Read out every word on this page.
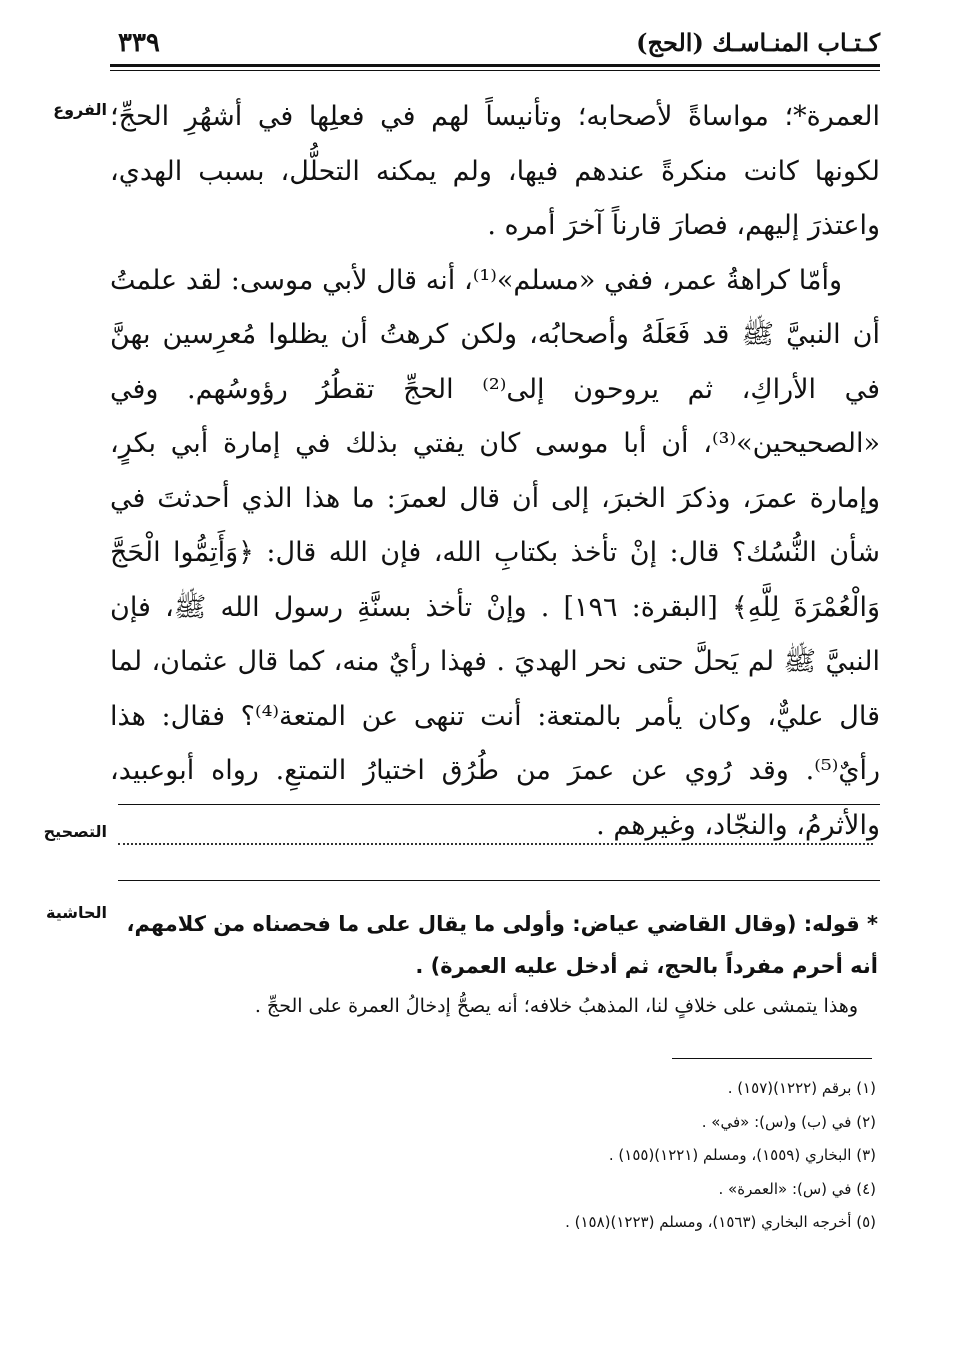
٣٣٩	كـتـاب المنـاسـك (الحج)
الفروع
التصحيح
الحاشية

العمرة*؛ مواساةً لأصحابه؛ وتأنيساً لهم في فعلِها في أشهُرِ الحجِّ؛ لكونها كانت منكرةً عندهم فيها، ولم يمكنه التحلُّل، بسبب الهدي، واعتذرَ إليهم، فصارَ قارناً آخرَ أمره .

وأمّا كراهةُ عمر، ففي «مسلم»⁽¹⁾، أنه قال لأبي موسى: لقد علمتُ أن النبيَّ ﷺ قد فَعَلَهُ وأصحابُه، ولكن كرهتُ أن يظلوا مُعرِسين بهنَّ في الأراكِ، ثم يروحون إلى⁽²⁾ الحجِّ تقطُرُ رؤوسُهم. وفي «الصحيحين»⁽³⁾، أن أبا موسى كان يفتي بذلك في إمارة أبي بكرٍ، وإمارة عمرَ، وذكرَ الخبرَ، إلى أن قال لعمرَ: ما هذا الذي أحدثتَ في شأن النُّسُك؟ قال: إنْ تأخذ بكتابِ الله، فإن الله قال: ﴿وَأَتِمُّوا الْحَجَّ وَالْعُمْرَةَ لِلَّهِ﴾ [البقرة: ١٩٦] . وإنْ تأخذ بسنَّةِ رسول الله ﷺ، فإن النبيَّ ﷺ لم يَحلَّ حتى نحر الهديَ . فهذا رأيٌ منه، كما قال عثمان، لما قال عليٌّ، وكان يأمر بالمتعة: أنت تنهى عن المتعة⁽⁴⁾؟ فقال: هذا رأيٌ⁽⁵⁾. وقد رُوي عن عمرَ من طُرُق اختيارُ التمتعِ. رواه أبوعبيد، والأثرمُ، والنجّاد، وغيرهم .

* قوله: (وقال القاضي عياض: وأولى ما يقال على ما فحصناه من كلامهم، أنه أحرم مفرداً بالحج، ثم أدخل عليه العمرة) .

وهذا يتمشى على خلافٍ لنا، المذهبُ خلافه؛ أنه يصحُّ إدخالُ العمرة على الحجِّ .

(١) برقم (١٢٢٢)(١٥٧) .
(٢) في (ب) و(س): «في» .
(٣) البخاري (١٥٥٩)، ومسلم (١٢٢١)(١٥٥) .
(٤) في (س): «العمرة» .
(٥) أخرجه البخاري (١٥٦٣)، ومسلم (١٢٢٣)(١٥٨) .
